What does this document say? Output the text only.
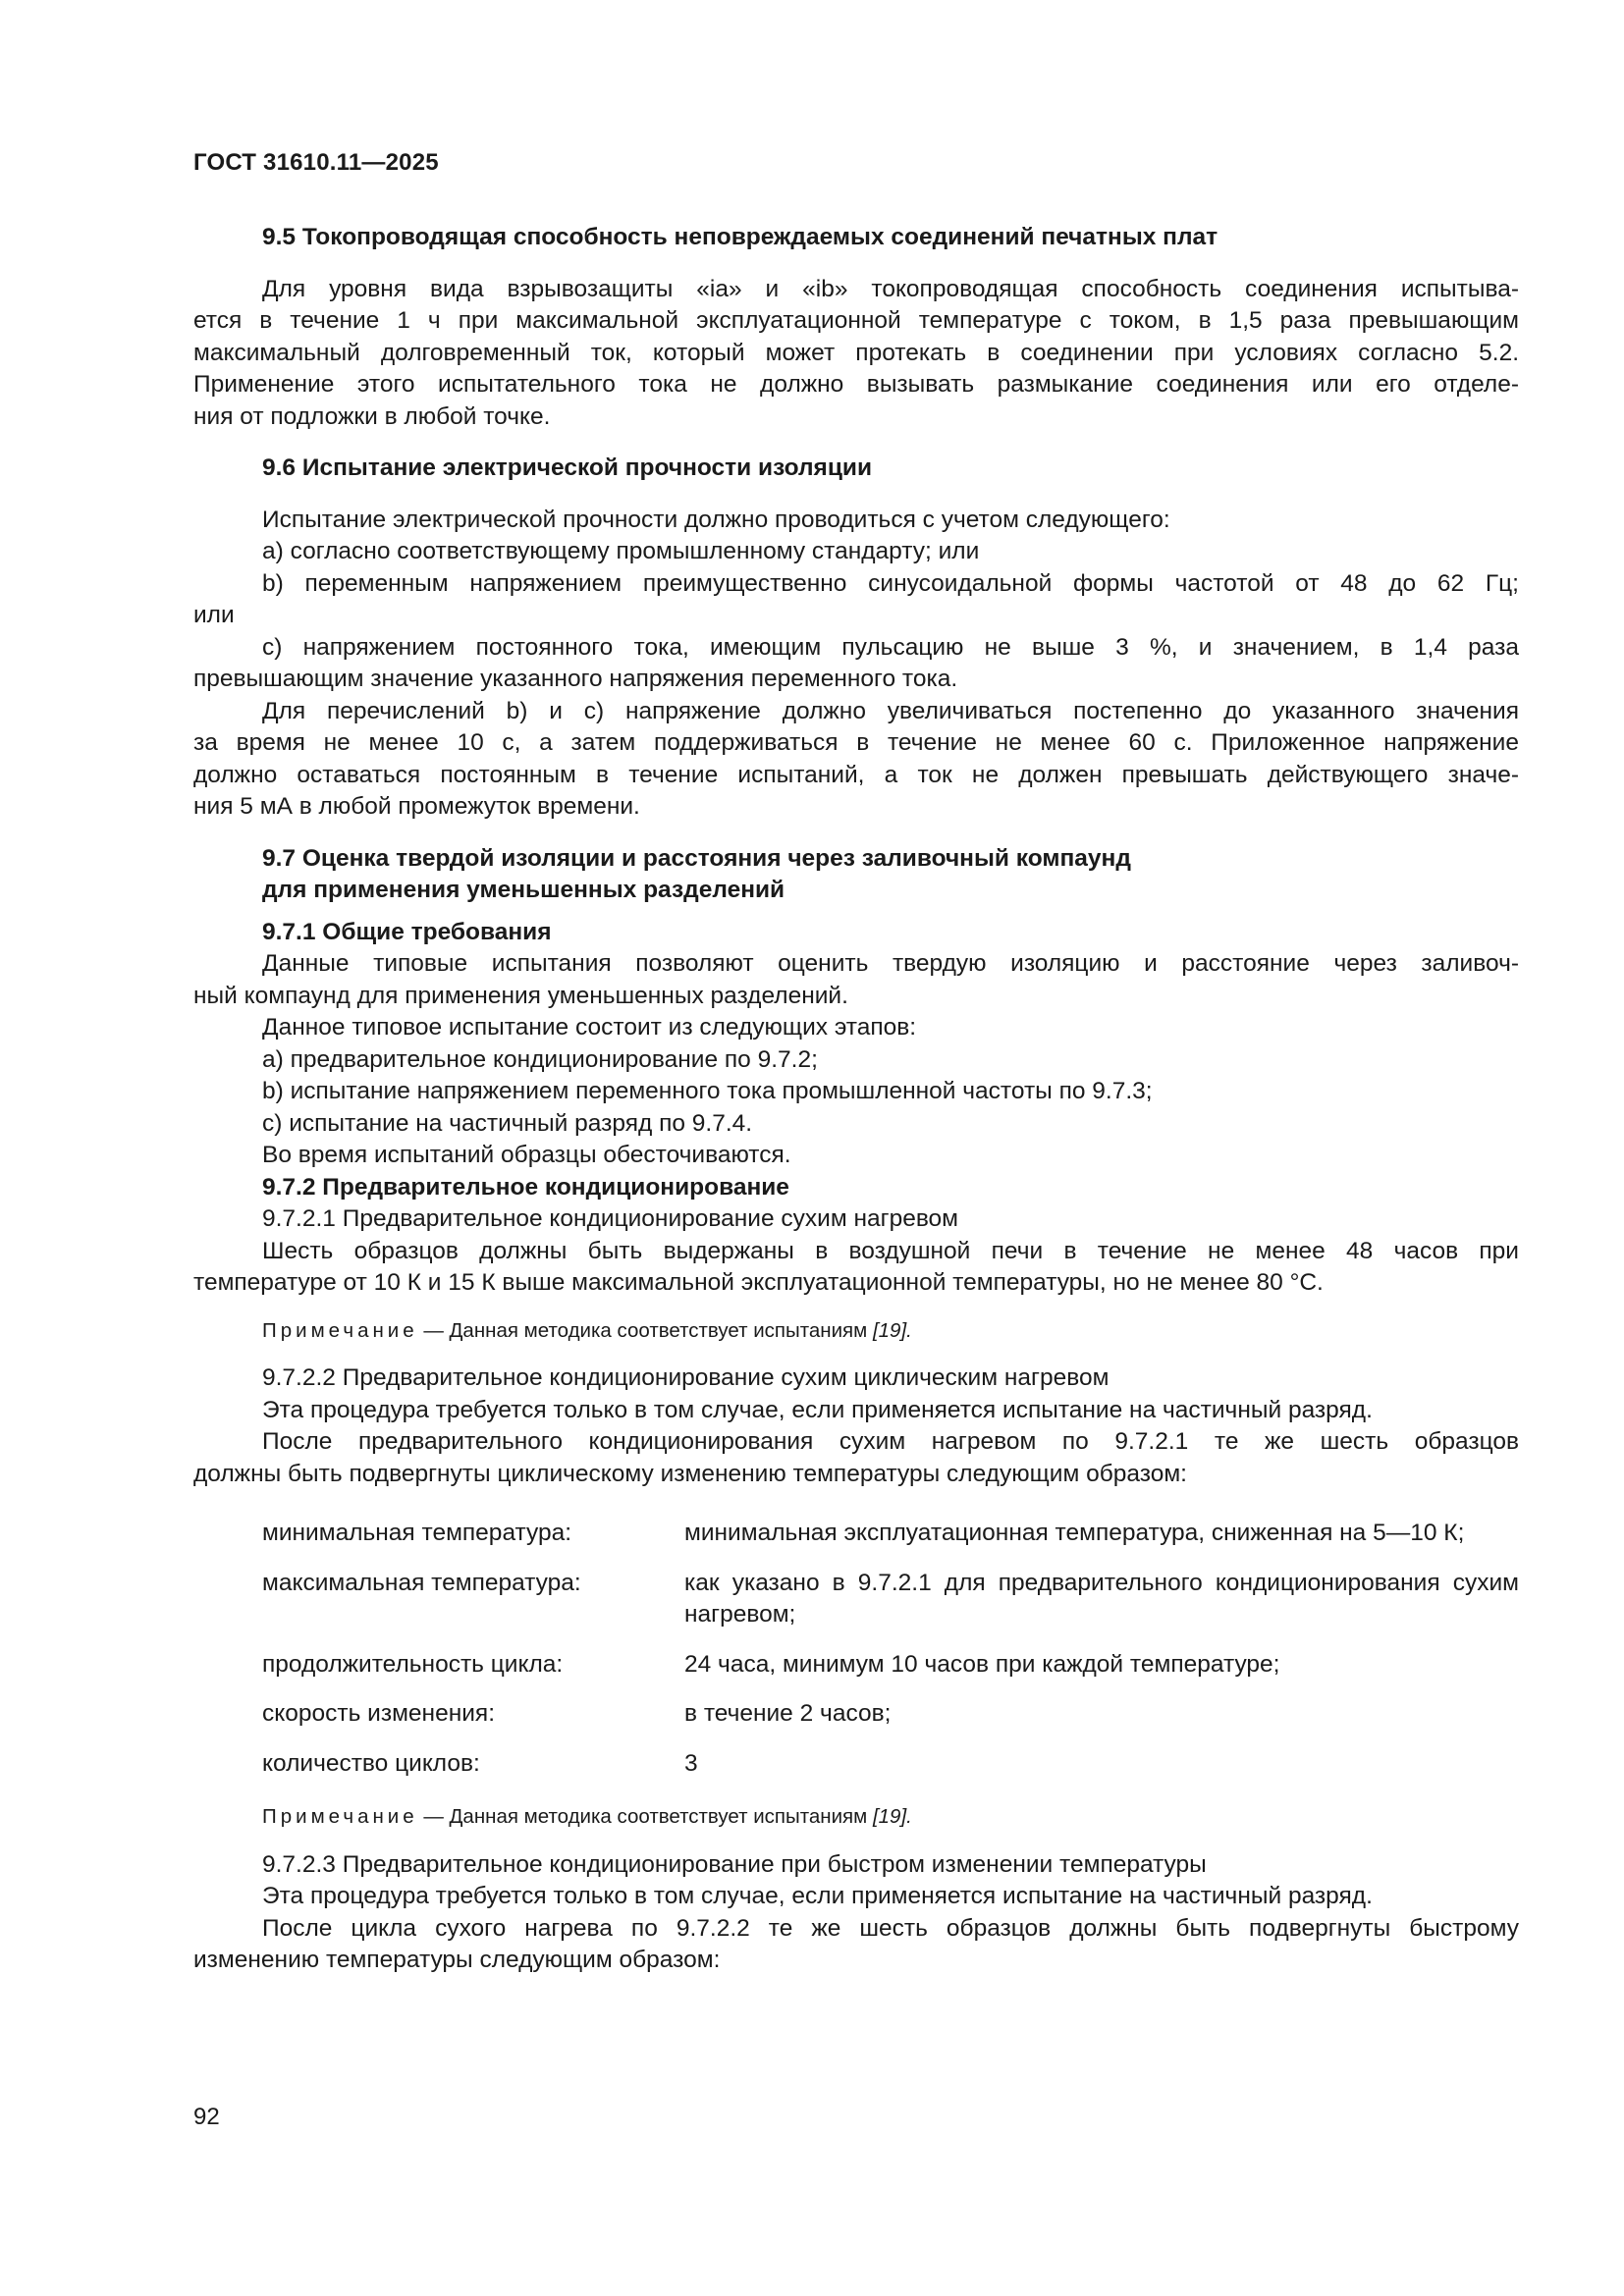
ГОСТ 31610.11—2025

9.5 Токопроводящая способность неповреждаемых соединений печатных плат

Для уровня вида взрывозащиты «ia» и «ib» токопроводящая способность соединения испытыва-

ется в течение 1 ч при максимальной эксплуатационной температуре с током, в 1,5 раза превышающим

максимальный долговременный ток, который может протекать в соединении при условиях согласно 5.2.

Применение этого испытательного тока не должно вызывать размыкание соединения или его отделе-

ния от подложки в любой точке.

9.6 Испытание электрической прочности изоляции

Испытание электрической прочности должно проводиться с учетом следующего:

a) согласно соответствующему промышленному стандарту; или

b) переменным напряжением преимущественно синусоидальной формы частотой от 48 до 62 Гц;

или

c) напряжением постоянного тока, имеющим пульсацию не выше 3 %, и значением, в 1,4 раза

превышающим значение указанного напряжения переменного тока.

Для перечислений b) и c) напряжение должно увеличиваться постепенно до указанного значения

за время не менее 10 с, а затем поддерживаться в течение не менее 60 с. Приложенное напряжение

должно оставаться постоянным в течение испытаний, а ток не должен превышать действующего значе-

ния 5 мА в любой промежуток времени.

9.7 Оценка твердой изоляции и расстояния через заливочный компаунд

для применения уменьшенных разделений

9.7.1 Общие требования

Данные типовые испытания позволяют оценить твердую изоляцию и расстояние через заливоч-

ный компаунд для применения уменьшенных разделений.

Данное типовое испытание состоит из следующих этапов:

a) предварительное кондиционирование по 9.7.2;

b) испытание напряжением переменного тока промышленной частоты по 9.7.3;

c) испытание на частичный разряд по 9.7.4.

Во время испытаний образцы обесточиваются.

9.7.2 Предварительное кондиционирование

9.7.2.1 Предварительное кондиционирование сухим нагревом

Шесть образцов должны быть выдержаны в воздушной печи в течение не менее 48 часов при

температуре от 10 К и 15 К выше максимальной эксплуатационной температуры, но не менее 80 °С.

Примечание — Данная методика соответствует испытаниям [19].

9.7.2.2 Предварительное кондиционирование сухим циклическим нагревом

Эта процедура требуется только в том случае, если применяется испытание на частичный разряд.

После предварительного кондиционирования сухим нагревом по 9.7.2.1 те же шесть образцов

должны быть подвергнуты циклическому изменению температуры следующим образом:

минимальная температура:	минимальная эксплуатационная температура, сниженная на 5—10 К;
максимальная температура:	как указано в 9.7.2.1 для предварительного кондиционирования сухим нагревом;
продолжительность цикла:	24 часа, минимум 10 часов при каждой температуре;
скорость изменения:	в течение 2 часов;
количество циклов:	3

Примечание — Данная методика соответствует испытаниям [19].

9.7.2.3 Предварительное кондиционирование при быстром изменении температуры

Эта процедура требуется только в том случае, если применяется испытание на частичный разряд.

После цикла сухого нагрева по 9.7.2.2 те же шесть образцов должны быть подвергнуты быстрому

изменению температуры следующим образом:

92
